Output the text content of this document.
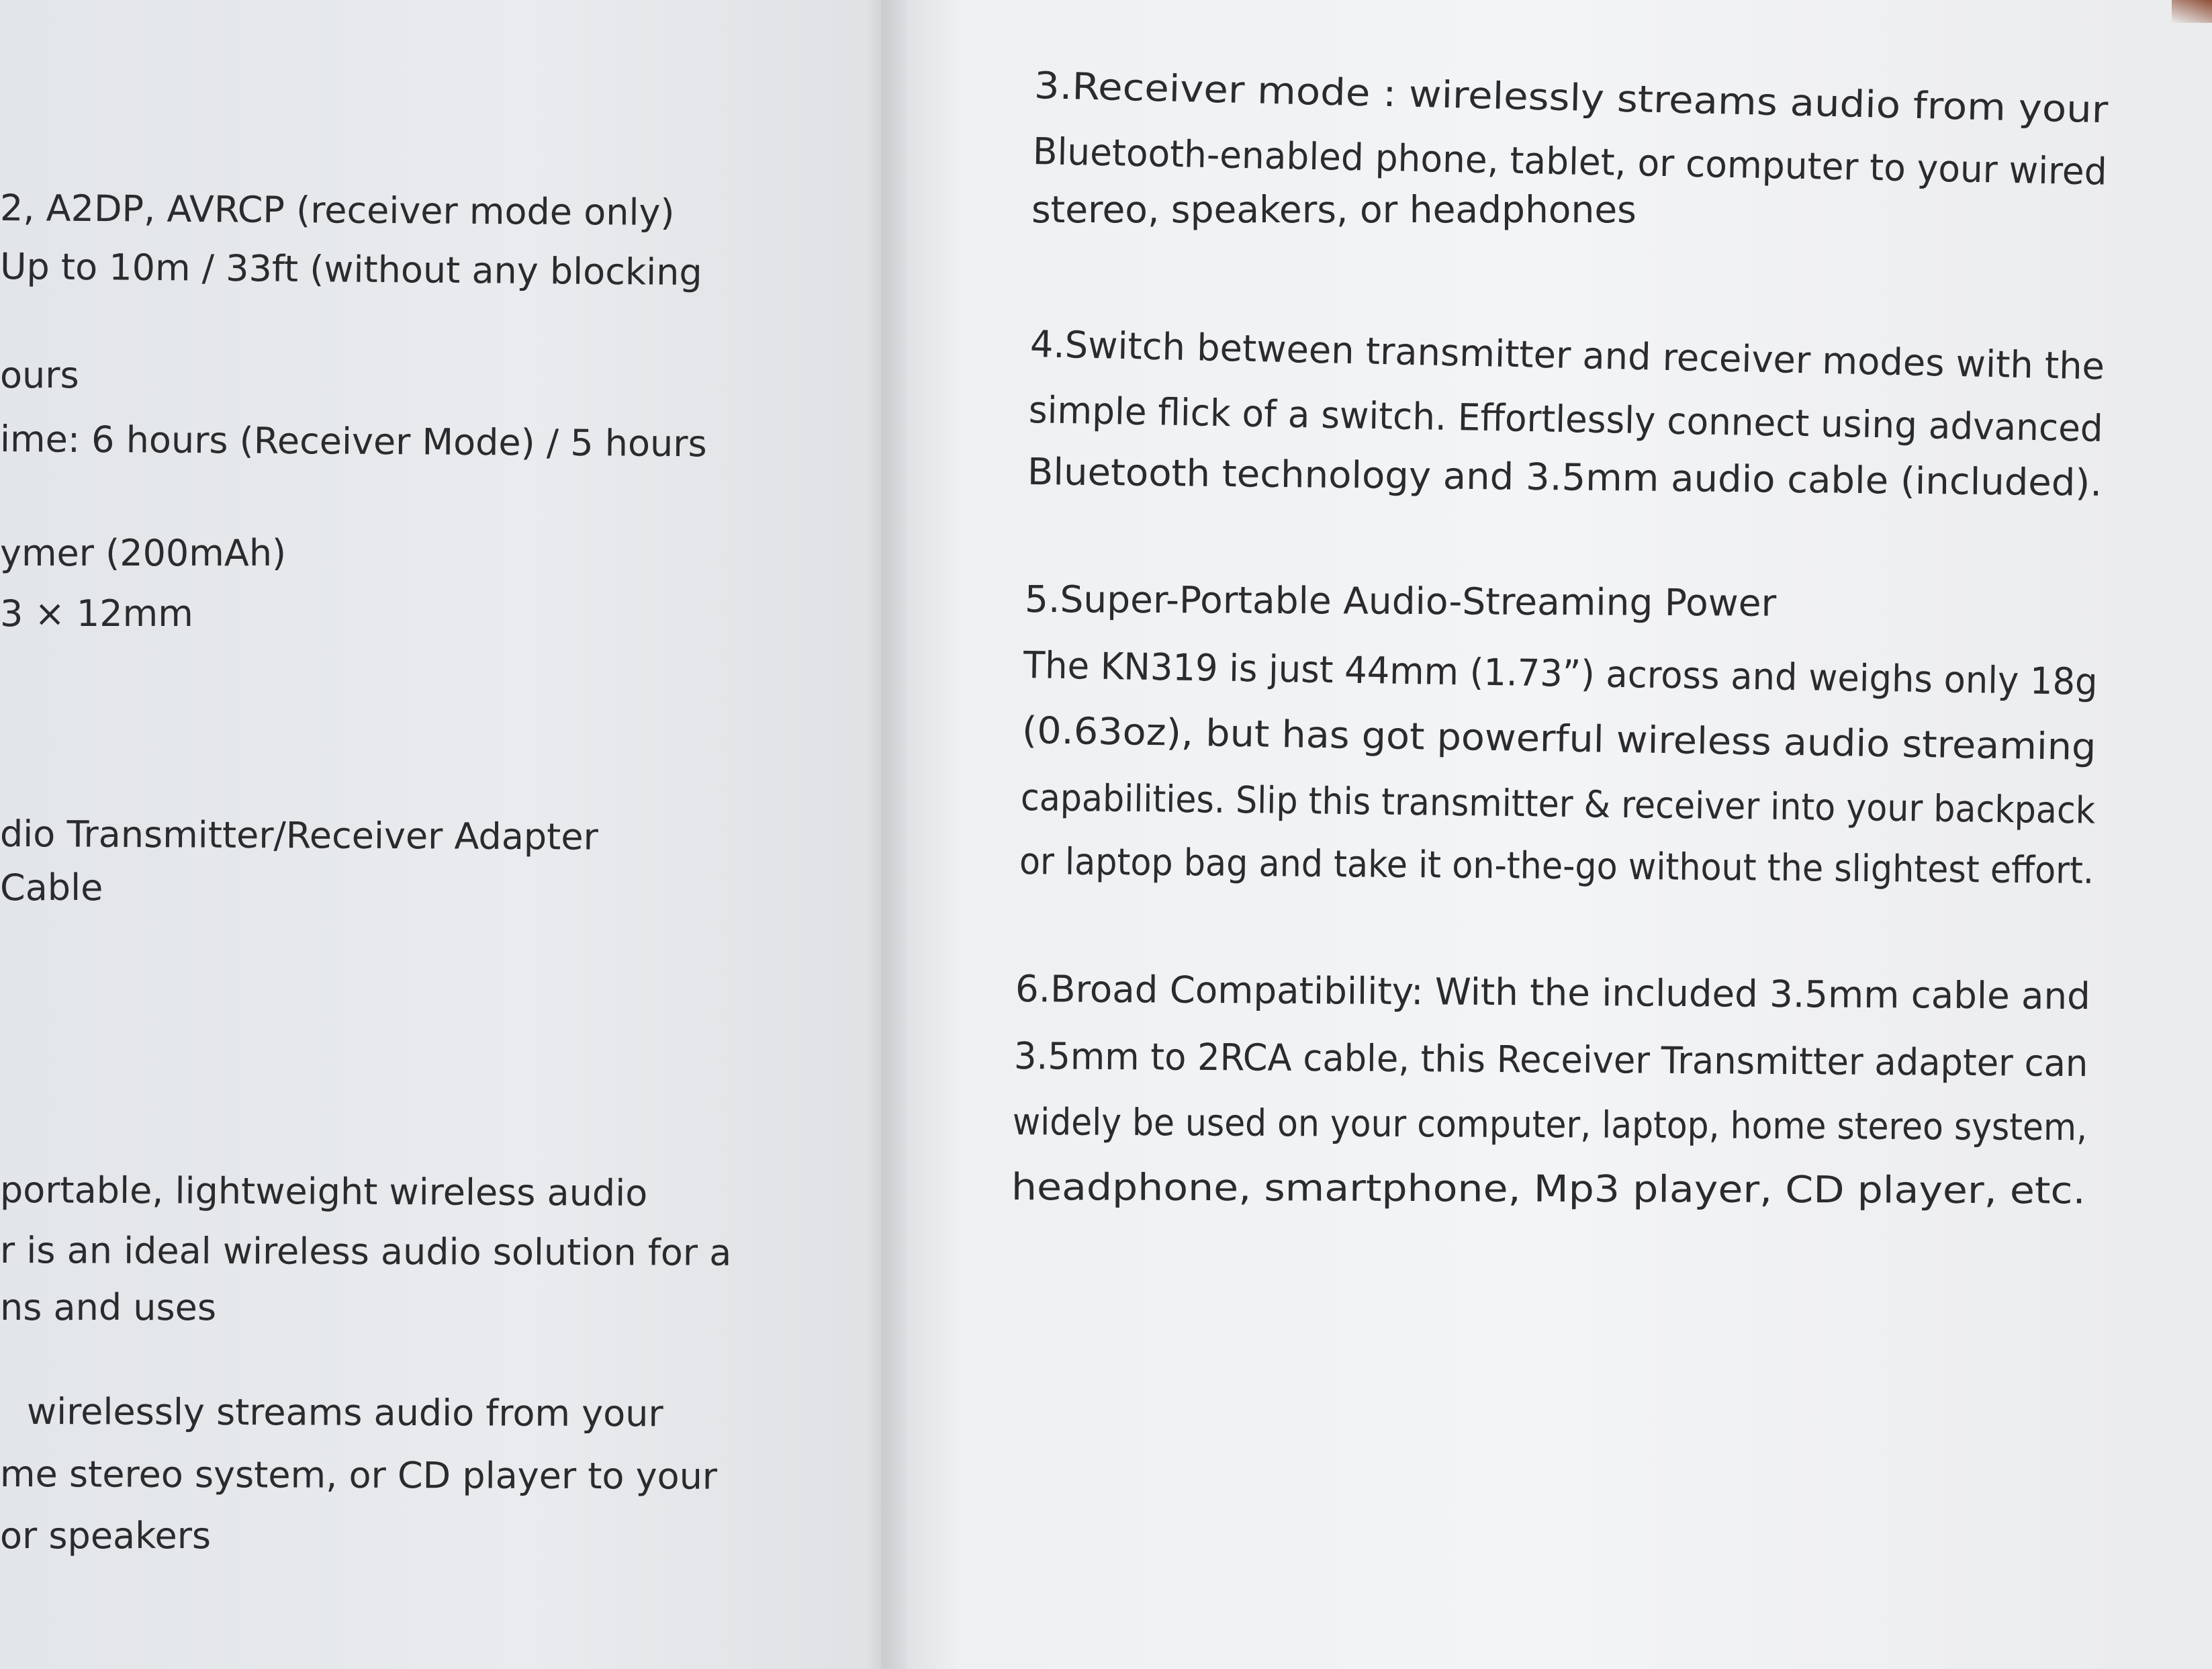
2, A2DP, AVRCP (receiver mode only)
Up to 10m / 33ft (without any blocking
ours
ime: 6 hours (Receiver Mode) / 5 hours
ymer (200mAh)
3 × 12mm
dio Transmitter/Receiver Adapter
Cable
portable, lightweight wireless audio
r is an ideal wireless audio solution for a
ns and uses
wirelessly streams audio from your
me stereo system, or CD player to your
or speakers
3.Receiver mode : wirelessly streams audio from your
Bluetooth-enabled phone, tablet, or computer to your wired
stereo, speakers, or headphones
4.Switch between transmitter and receiver modes with the
simple flick of a switch. Effortlessly connect using advanced
Bluetooth technology and 3.5mm audio cable (included).
5.Super-Portable Audio-Streaming Power
The KN319 is just 44mm (1.73”) across and weighs only 18g
(0.63oz), but has got powerful wireless audio streaming
capabilities. Slip this transmitter & receiver into your backpack
or laptop bag and take it on-the-go without the slightest effort.
6.Broad Compatibility: With the included 3.5mm cable and
3.5mm to 2RCA cable, this Receiver Transmitter adapter can
widely be used on your computer, laptop, home stereo system,
headphone, smartphone, Mp3 player, CD player, etc.
